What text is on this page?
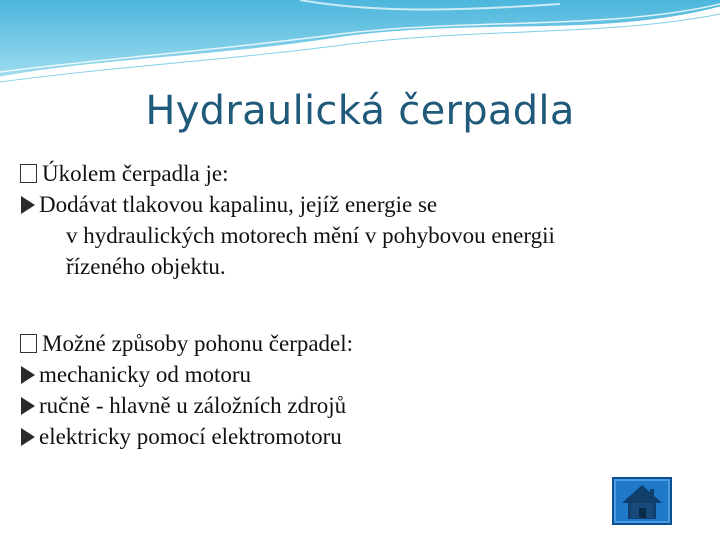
Hydraulická čerpadla
Úkolem čerpadla je:
Dodávat tlakovou kapalinu, jejíž energie se
v hydraulických motorech mění v pohybovou energii
řízeného objektu.
Možné způsoby pohonu čerpadel:
mechanicky od motoru
ručně - hlavně u záložních zdrojů
elektricky pomocí elektromotoru
